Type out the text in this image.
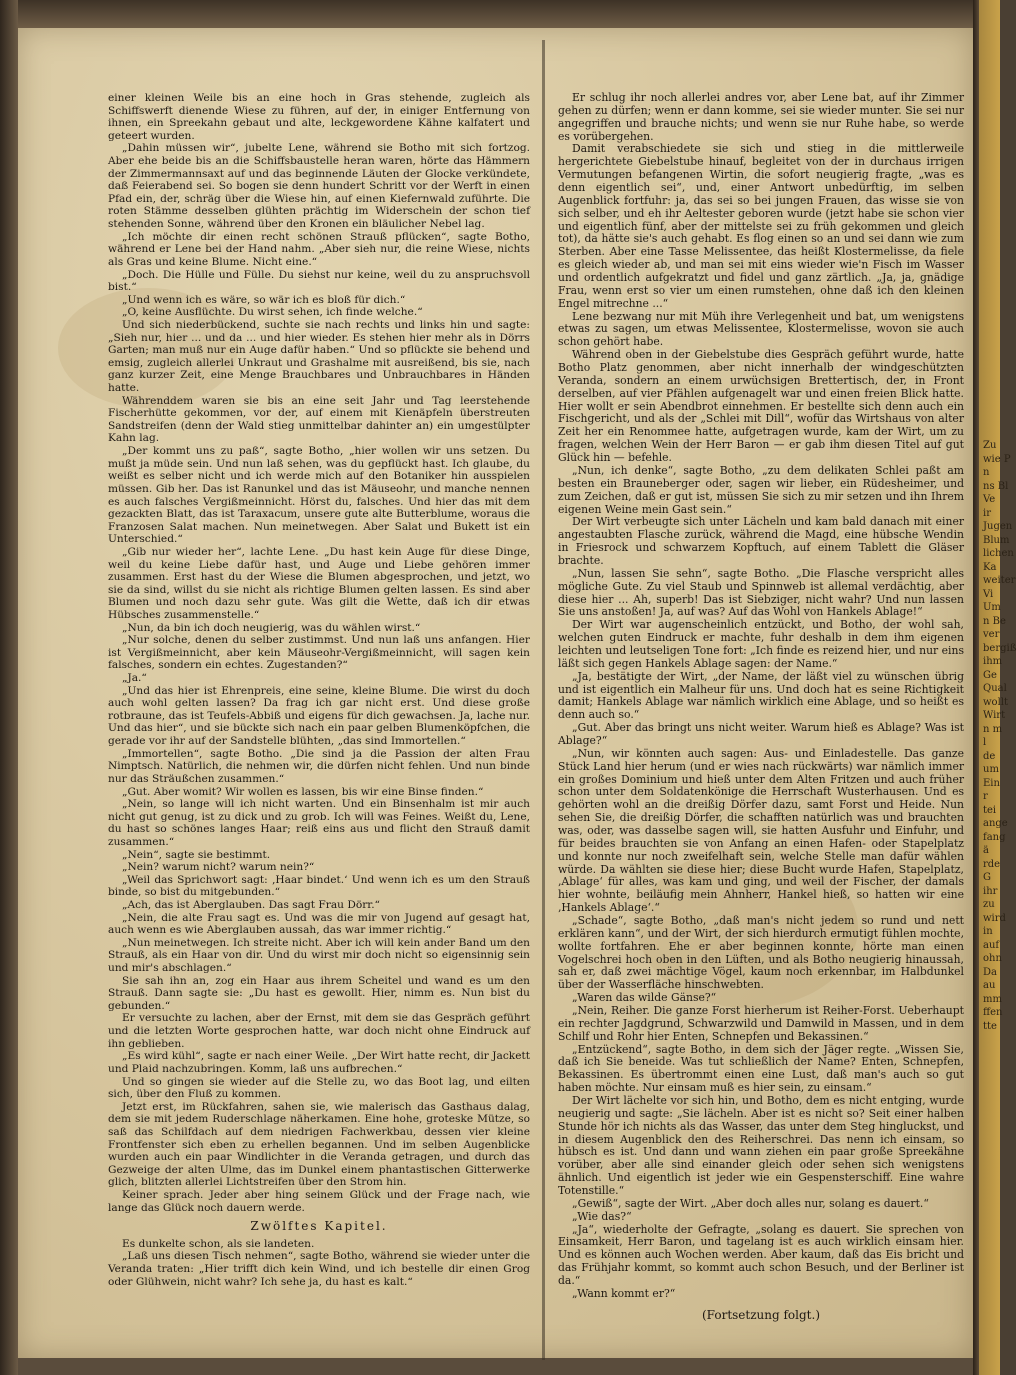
einer kleinen Weile bis an eine hoch in Gras stehende, zugleich als Schiffswerft dienende Wiese zu führen, auf der, in einiger Entfernung von ihnen, ein Spreekahn gebaut und alte, leckgewordene Kähne kalfatert und geteert wurden.

„Dahin müssen wir“, jubelte Lene, während sie Botho mit sich fortzog. Aber ehe beide bis an die Schiffsbaustelle heran waren, hörte das Hämmern der Zimmermannsaxt auf und das beginnende Läuten der Glocke verkündete, daß Feierabend sei. So bogen sie denn hundert Schritt vor der Werft in einen Pfad ein, der, schräg über die Wiese hin, auf einen Kiefernwald zuführte. Die roten Stämme desselben glühten prächtig im Widerschein der schon tief stehenden Sonne, während über den Kronen ein bläulicher Nebel lag.

„Ich möchte dir einen recht schönen Strauß pflücken“, sagte Botho, während er Lene bei der Hand nahm. „Aber sieh nur, die reine Wiese, nichts als Gras und keine Blume. Nicht eine.“

„Doch. Die Hülle und Fülle. Du siehst nur keine, weil du zu anspruchsvoll bist.“

„Und wenn ich es wäre, so wär ich es bloß für dich.“

„O, keine Ausflüchte. Du wirst sehen, ich finde welche.“

Und sich niederbückend, suchte sie nach rechts und links hin und sagte: „Sieh nur, hier ... und da ... und hier wieder. Es stehen hier mehr als in Dörrs Garten; man muß nur ein Auge dafür haben.“ Und so pflückte sie behend und emsig, zugleich allerlei Unkraut und Grashalme mit ausreißend, bis sie, nach ganz kurzer Zeit, eine Menge Brauchbares und Unbrauchbares in Händen hatte.

Währenddem waren sie bis an eine seit Jahr und Tag leerstehende Fischerhütte gekommen, vor der, auf einem mit Kienäpfeln überstreuten Sandstreifen (denn der Wald stieg unmittelbar dahinter an) ein umgestülpter Kahn lag.

„Der kommt uns zu paß“, sagte Botho, „hier wollen wir uns setzen. Du mußt ja müde sein. Und nun laß sehen, was du gepflückt hast. Ich glaube, du weißt es selber nicht und ich werde mich auf den Botaniker hin ausspielen müssen. Gib her. Das ist Ranunkel und das ist Mäuseohr, und manche nennen es auch falsches Vergißmeinnicht. Hörst du, falsches. Und hier das mit dem gezackten Blatt, das ist Taraxacum, unsere gute alte Butterblume, woraus die Franzosen Salat machen. Nun meinetwegen. Aber Salat und Bukett ist ein Unterschied.“

„Gib nur wieder her“, lachte Lene. „Du hast kein Auge für diese Dinge, weil du keine Liebe dafür hast, und Auge und Liebe gehören immer zusammen. Erst hast du der Wiese die Blumen abgesprochen, und jetzt, wo sie da sind, willst du sie nicht als richtige Blumen gelten lassen. Es sind aber Blumen und noch dazu sehr gute. Was gilt die Wette, daß ich dir etwas Hübsches zusammenstelle.“

„Nun, da bin ich doch neugierig, was du wählen wirst.“

„Nur solche, denen du selber zustimmst. Und nun laß uns anfangen. Hier ist Vergißmeinnicht, aber kein Mäuseohr-Vergißmeinnicht, will sagen kein falsches, sondern ein echtes. Zugestanden?“

„Ja.“

„Und das hier ist Ehrenpreis, eine seine, kleine Blume. Die wirst du doch auch wohl gelten lassen? Da frag ich gar nicht erst. Und diese große rotbraune, das ist Teufels-Abbiß und eigens für dich gewachsen. Ja, lache nur. Und das hier“, und sie bückte sich nach ein paar gelben Blumenköpfchen, die gerade vor ihr auf der Sandstelle blühten, „das sind Immortellen.“

„Immortellen“, sagte Botho. „Die sind ja die Passion der alten Frau Nimptsch. Natürlich, die nehmen wir, die dürfen nicht fehlen. Und nun binde nur das Sträußchen zusammen.“

„Gut. Aber womit? Wir wollen es lassen, bis wir eine Binse finden.“

„Nein, so lange will ich nicht warten. Und ein Binsenhalm ist mir auch nicht gut genug, ist zu dick und zu grob. Ich will was Feines. Weißt du, Lene, du hast so schönes langes Haar; reiß eins aus und flicht den Strauß damit zusammen.“

„Nein“, sagte sie bestimmt.

„Nein? warum nicht? warum nein?“

„Weil das Sprichwort sagt: ‚Haar bindet.‘ Und wenn ich es um den Strauß binde, so bist du mitgebunden.“

„Ach, das ist Aberglauben. Das sagt Frau Dörr.“

„Nein, die alte Frau sagt es. Und was die mir von Jugend auf gesagt hat, auch wenn es wie Aberglauben aussah, das war immer richtig.“

„Nun meinetwegen. Ich streite nicht. Aber ich will kein ander Band um den Strauß, als ein Haar von dir. Und du wirst mir doch nicht so eigensinnig sein und mir's abschlagen.“

Sie sah ihn an, zog ein Haar aus ihrem Scheitel und wand es um den Strauß. Dann sagte sie: „Du hast es gewollt. Hier, nimm es. Nun bist du gebunden.“

Er versuchte zu lachen, aber der Ernst, mit dem sie das Gespräch geführt und die letzten Worte gesprochen hatte, war doch nicht ohne Eindruck auf ihn geblieben.

„Es wird kühl“, sagte er nach einer Weile. „Der Wirt hatte recht, dir Jackett und Plaid nachzubringen. Komm, laß uns aufbrechen.“

Und so gingen sie wieder auf die Stelle zu, wo das Boot lag, und eilten sich, über den Fluß zu kommen.

Jetzt erst, im Rückfahren, sahen sie, wie malerisch das Gasthaus dalag, dem sie mit jedem Ruderschlage näherkamen. Eine hohe, groteske Mütze, so saß das Schilfdach auf dem niedrigen Fachwerkbau, dessen vier kleine Frontfenster sich eben zu erhellen begannen. Und im selben Augenblicke wurden auch ein paar Windlichter in die Veranda getragen, und durch das Gezweige der alten Ulme, das im Dunkel einem phantastischen Gitterwerke glich, blitzten allerlei Lichtstreifen über den Strom hin.

Keiner sprach. Jeder aber hing seinem Glück und der Frage nach, wie lange das Glück noch dauern werde.

Zwölftes Kapitel.

Es dunkelte schon, als sie landeten.

„Laß uns diesen Tisch nehmen“, sagte Botho, während sie wieder unter die Veranda traten: „Hier trifft dich kein Wind, und ich bestelle dir einen Grog oder Glühwein, nicht wahr? Ich sehe ja, du hast es kalt.“

Er schlug ihr noch allerlei andres vor, aber Lene bat, auf ihr Zimmer gehen zu dürfen; wenn er dann komme, sei sie wieder munter. Sie sei nur angegriffen und brauche nichts; und wenn sie nur Ruhe habe, so werde es vorübergehen.

Damit verabschiedete sie sich und stieg in die mittlerweile hergerichtete Giebelstube hinauf, begleitet von der in durchaus irrigen Vermutungen befangenen Wirtin, die sofort neugierig fragte, „was es denn eigentlich sei“, und, einer Antwort unbedürftig, im selben Augenblick fortfuhr: ja, das sei so bei jungen Frauen, das wisse sie von sich selber, und eh ihr Aeltester geboren wurde (jetzt habe sie schon vier und eigentlich fünf, aber der mittelste sei zu früh gekommen und gleich tot), da hätte sie's auch gehabt. Es flog einen so an und sei dann wie zum Sterben. Aber eine Tasse Melissentee, das heißt Klostermelisse, da fiele es gleich wieder ab, und man sei mit eins wieder wie'n Fisch im Wasser und ordentlich aufgekratzt und fidel und ganz zärtlich. „Ja, ja, gnädige Frau, wenn erst so vier um einen rumstehen, ohne daß ich den kleinen Engel mitrechne ...“

Lene bezwang nur mit Müh ihre Verlegenheit und bat, um wenigstens etwas zu sagen, um etwas Melissentee, Klostermelisse, wovon sie auch schon gehört habe.

Während oben in der Giebelstube dies Gespräch geführt wurde, hatte Botho Platz genommen, aber nicht innerhalb der windgeschützten Veranda, sondern an einem urwüchsigen Brettertisch, der, in Front derselben, auf vier Pfählen aufgenagelt war und einen freien Blick hatte. Hier wollt er sein Abendbrot einnehmen. Er bestellte sich denn auch ein Fischgericht, und als der „Schlei mit Dill“, wofür das Wirtshaus von alter Zeit her ein Renommee hatte, aufgetragen wurde, kam der Wirt, um zu fragen, welchen Wein der Herr Baron — er gab ihm diesen Titel auf gut Glück hin — befehle.

„Nun, ich denke“, sagte Botho, „zu dem delikaten Schlei paßt am besten ein Brauneberger oder, sagen wir lieber, ein Rüdesheimer, und zum Zeichen, daß er gut ist, müssen Sie sich zu mir setzen und ihn Ihrem eigenen Weine mein Gast sein.“

Der Wirt verbeugte sich unter Lächeln und kam bald danach mit einer angestaubten Flasche zurück, während die Magd, eine hübsche Wendin in Friesrock und schwarzem Kopftuch, auf einem Tablett die Gläser brachte.

„Nun, lassen Sie sehn“, sagte Botho. „Die Flasche verspricht alles mögliche Gute. Zu viel Staub und Spinnweb ist allemal verdächtig, aber diese hier ... Ah, superb! Das ist Siebziger, nicht wahr? Und nun lassen Sie uns anstoßen! Ja, auf was? Auf das Wohl von Hankels Ablage!“

Der Wirt war augenscheinlich entzückt, und Botho, der wohl sah, welchen guten Eindruck er machte, fuhr deshalb in dem ihm eigenen leichten und leutseligen Tone fort: „Ich finde es reizend hier, und nur eins läßt sich gegen Hankels Ablage sagen: der Name.“

„Ja, bestätigte der Wirt, „der Name, der läßt viel zu wünschen übrig und ist eigentlich ein Malheur für uns. Und doch hat es seine Richtigkeit damit; Hankels Ablage war nämlich wirklich eine Ablage, und so heißt es denn auch so.“

„Gut. Aber das bringt uns nicht weiter. Warum hieß es Ablage? Was ist Ablage?“

„Nun, wir könnten auch sagen: Aus- und Einladestelle. Das ganze Stück Land hier herum (und er wies nach rückwärts) war nämlich immer ein großes Dominium und hieß unter dem Alten Fritzen und auch früher schon unter dem Soldatenkönige die Herrschaft Wusterhausen. Und es gehörten wohl an die dreißig Dörfer dazu, samt Forst und Heide. Nun sehen Sie, die dreißig Dörfer, die schafften natürlich was und brauchten was, oder, was dasselbe sagen will, sie hatten Ausfuhr und Einfuhr, und für beides brauchten sie von Anfang an einen Hafen- oder Stapelplatz und konnte nur noch zweifelhaft sein, welche Stelle man dafür wählen würde. Da wählten sie diese hier; diese Bucht wurde Hafen, Stapelplatz, ‚Ablage‘ für alles, was kam und ging, und weil der Fischer, der damals hier wohnte, beiläufig mein Ahnherr, Hankel hieß, so hatten wir eine ‚Hankels Ablage‘.“

„Schade“, sagte Botho, „daß man's nicht jedem so rund und nett erklären kann“, und der Wirt, der sich hierdurch ermutigt fühlen mochte, wollte fortfahren. Ehe er aber beginnen konnte, hörte man einen Vogelschrei hoch oben in den Lüften, und als Botho neugierig hinaussah, sah er, daß zwei mächtige Vögel, kaum noch erkennbar, im Halbdunkel über der Wasserfläche hinschwebten.

„Waren das wilde Gänse?“

„Nein, Reiher. Die ganze Forst hierherum ist Reiher-Forst. Ueberhaupt ein rechter Jagdgrund, Schwarzwild und Damwild in Massen, und in dem Schilf und Rohr hier Enten, Schnepfen und Bekassinen.“

„Entzückend“, sagte Botho, in dem sich der Jäger regte. „Wissen Sie, daß ich Sie beneide. Was tut schließlich der Name? Enten, Schnepfen, Bekassinen. Es übertrommt einen eine Lust, daß man's auch so gut haben möchte. Nur einsam muß es hier sein, zu einsam.“

Der Wirt lächelte vor sich hin, und Botho, dem es nicht entging, wurde neugierig und sagte: „Sie lächeln. Aber ist es nicht so? Seit einer halben Stunde hör ich nichts als das Wasser, das unter dem Steg hingluckst, und in diesem Augenblick den des Reiherschrei. Das nenn ich einsam, so hübsch es ist. Und dann und wann ziehen ein paar große Spreekähne vorüber, aber alle sind einander gleich oder sehen sich wenigstens ähnlich. Und eigentlich ist jeder wie ein Gespensterschiff. Eine wahre Totenstille.“

„Gewiß“, sagte der Wirt. „Aber doch alles nur, solang es dauert.“

„Wie das?“

„Ja“, wiederholte der Gefragte, „solang es dauert. Sie sprechen von Einsamkeit, Herr Baron, und tagelang ist es auch wirklich einsam hier. Und es können auch Wochen werden. Aber kaum, daß das Eis bricht und das Frühjahr kommt, so kommt auch schon Besuch, und der Berliner ist da.“

„Wann kommt er?“

(Fortsetzung folgt.)

Zu
wie P
n
ns Bl
Ve
ir
Jugen
Blum
lichen
Ka
weiter
Vi
Um
n Be
ver
bergiß
ihm
Ge
Qual
wollt
Wirt
n m
l
de
um
Ein
r
tei
ange
fang
ä
rde
G
ihr
zu
wird
in
auf
ohn
Da
au
mm
ffen
tte
